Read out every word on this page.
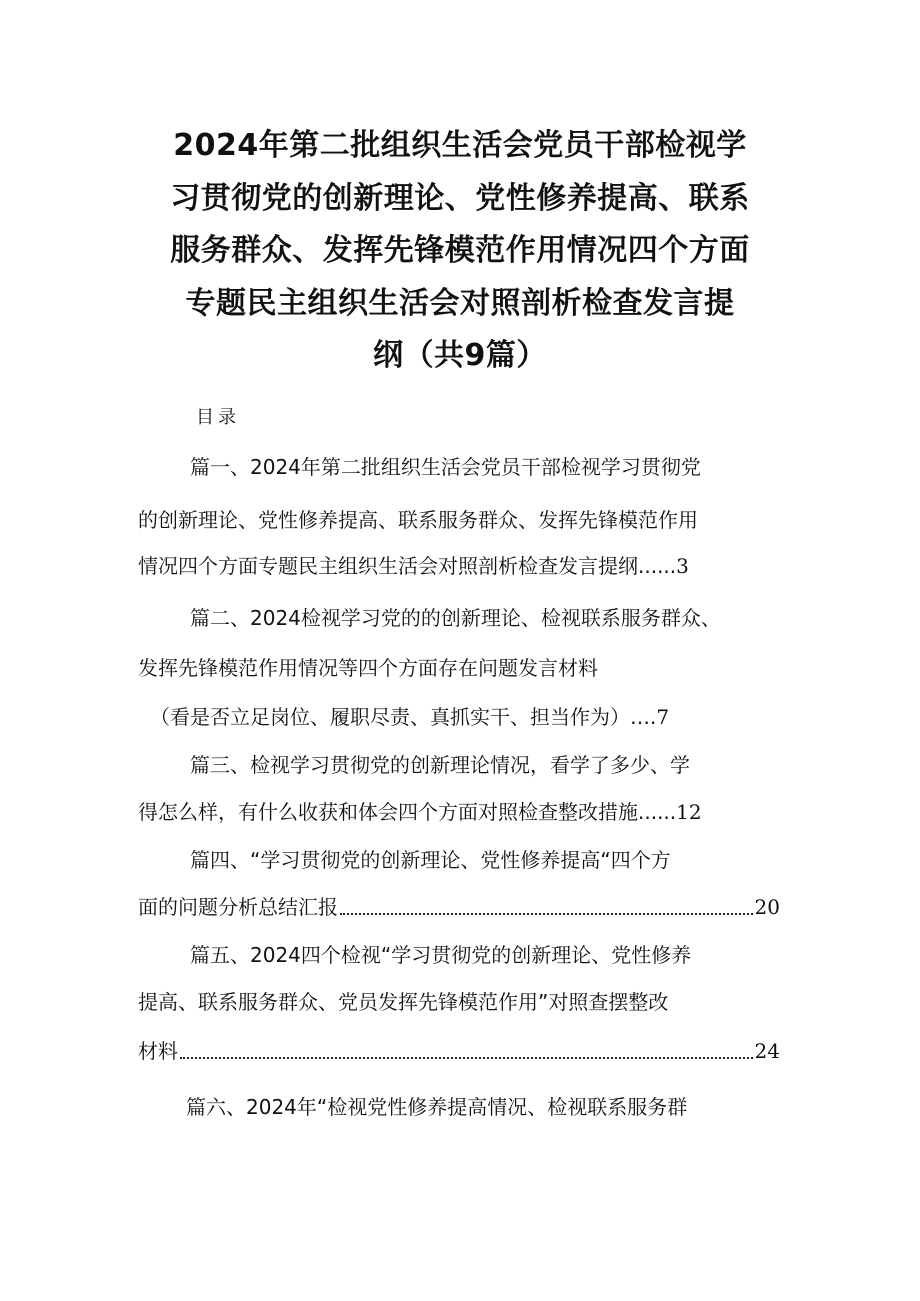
2024年第二批组织生活会党员干部检视学
习贯彻党的创新理论、党性修养提高、联系
服务群众、发挥先锋模范作用情况四个方面
专题民主组织生活会对照剖析检查发言提
纲（共9篇）
目录
篇一、2024年第二批组织生活会党员干部检视学习贯彻党
的创新理论、党性修养提高、联系服务群众、发挥先锋模范作用
情况四个方面专题民主组织生活会对照剖析检查发言提纲......3
篇二、2024检视学习党的的创新理论、检视联系服务群众、
发挥先锋模范作用情况等四个方面存在问题发言材料
（看是否立足岗位、履职尽责、真抓实干、担当作为）….7
篇三、检视学习贯彻党的创新理论情况，看学了多少、学
得怎么样，有什么收获和体会四个方面对照检查整改措施......12
篇四、“学习贯彻党的创新理论、党性修养提高“四个方
面的问题分析总结汇报	20
篇五、2024四个检视“学习贯彻党的创新理论、党性修养
提高、联系服务群众、党员发挥先锋模范作用”对照查摆整改
材料	24
篇六、2024年“检视党性修养提高情况、检视联系服务群
